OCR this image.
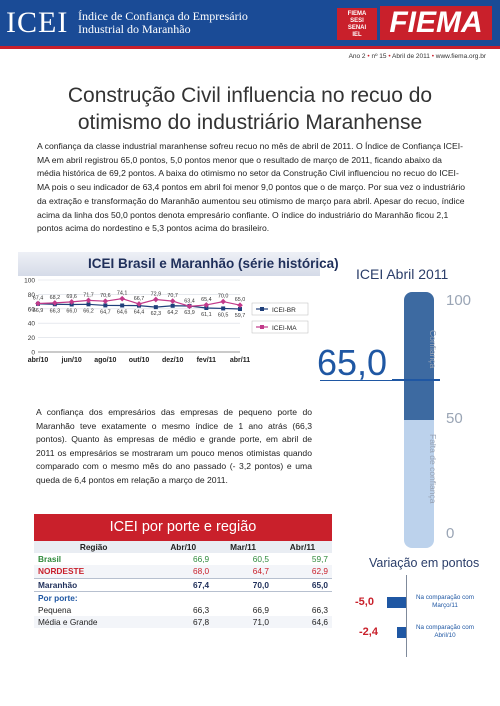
ICEI Índice de Confiança do Empresário
Industrial do Maranhão
FIEMA
SESI
SENAI
IEL FIEMA
Ano 2 • nº 15 • Abril de 2011 • www.fiema.org.br
Construção Civil influencia no recuo do
otimismo do industriário Maranhense
A confiança da classe industrial maranhense sofreu recuo no mês de abril de 2011. O Índice de Confiança ICEI-
MA em abril registrou 65,0 pontos, 5,0 pontos menor que o resultado de março de 2011, ficando abaixo da
média histórica de 69,2 pontos. A baixa do otimismo no setor da Construção Civil influenciou no recuo do ICEI-
MA pois o seu indicador de 63,4 pontos em abril foi menor 9,0 pontos que o de março. Por sua vez o industriário
da extração e transformação do Maranhão aumentou seu otimismo de março para abril. Apesar do recuo, índice
acima da linha dos 50,0 pontos denota empresário confiante. O índice do industriário do Maranhão ficou 2,1
pontos acima do nordestino e 5,3 pontos acima do brasileiro.
ICEI Brasil e Maranhão (série histórica)
0
20
40
60
80
100
abr/10 jun/10 ago/10 out/10 dez/10 fev/11 abr/11
66,9 66,3 66,0 66,2 64,7 64,6 64,4 62,3 64,2 63,9 61,1 60,5 59,7
67,4 68,2 69,6 71,7 70,6 74,1
66,7
72,9 70,7
63,4 65,4
70,0
65,0
ICEI-BR
ICEI-MA
ICEI Abril 2011
65,0
100
50
0
Confiança
Falta de confiança
A confiança dos empresários das empresas de pequeno porte do Maranhão teve exatamente o mesmo índice de 1 ano atrás (66,3 pontos). Quanto às empresas de médio e grande porte, em abril de 2011 os empresários se mostraram um pouco menos otimistas quando comparado com o mesmo mês do ano passado (- 3,2 pontos) e uma queda de 6,4 pontos em relação a março de 2011.
ICEI por porte e região
Região	Abr/10	Mar/11	Abr/11
Brasil	66,9	60,5	59,7
NORDESTE	68,0	64,7	62,9
Maranhão	67,4	70,0	65,0
Por porte:			
Pequena	66,3	66,9	66,3
Média e Grande	67,8	71,0	64,6
Variação em pontos
-5,0	Na comparação com
Março/11
-2,4	Na comparação com
Abril/10
